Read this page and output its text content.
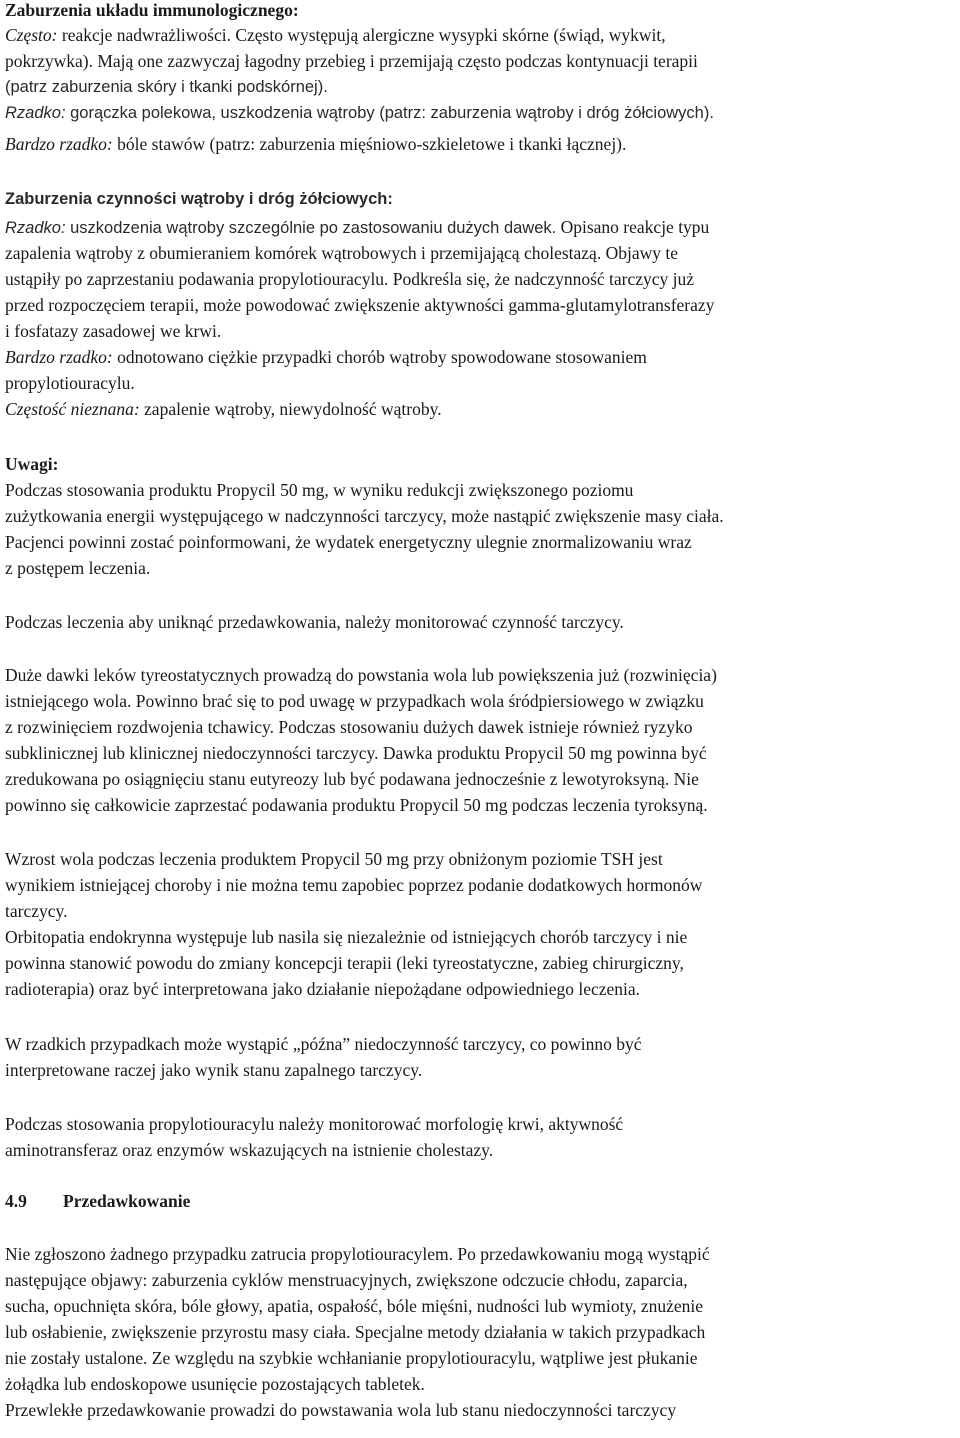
Zaburzenia układu immunologicznego:
Często: reakcje nadwrażliwości. Często występują alergiczne wysypki skórne (świąd, wykwit,
pokrzywka). Mają one zazwyczaj łagodny przebieg i przemijają często podczas kontynuacji terapii
(patrz zaburzenia skóry i tkanki podskórnej).
Rzadko: gorączka polekowa, uszkodzenia wątroby (patrz: zaburzenia wątroby i dróg żółciowych).
Bardzo rzadko: bóle stawów (patrz: zaburzenia mięśniowo-szkieletowe i tkanki łącznej).
Zaburzenia czynności wątroby i dróg żółciowych:
Rzadko: uszkodzenia wątroby szczególnie po zastosowaniu dużych dawek. Opisano reakcje typu
zapalenia wątroby z obumieraniem komórek wątrobowych i przemijającą cholestazą. Objawy te
ustąpiły po zaprzestaniu podawania propylotiouracylu. Podkreśla się, że nadczynność tarczycy już
przed rozpoczęciem terapii, może powodować zwiększenie aktywności gamma-glutamylotransferazy
i fosfatazy zasadowej we krwi.
Bardzo rzadko: odnotowano ciężkie przypadki chorób wątroby spowodowane stosowaniem
propylotiouracylu.
Częstość nieznana: zapalenie wątroby, niewydolność wątroby.
Uwagi:
Podczas stosowania produktu Propycil 50 mg, w wyniku redukcji zwiększonego poziomu
zużytkowania energii występującego w nadczynności tarczycy, może nastąpić zwiększenie masy ciała.
Pacjenci powinni zostać poinformowani, że wydatek energetyczny ulegnie znormalizowaniu wraz
z postępem leczenia.
Podczas leczenia aby uniknąć przedawkowania, należy monitorować czynność tarczycy.
Duże dawki leków tyreostatycznych prowadzą do powstania wola lub powiększenia już (rozwinięcia)
istniejącego wola. Powinno brać się to pod uwagę w przypadkach wola śródpiersiowego w związku
z rozwinięciem rozdwojenia tchawicy. Podczas stosowaniu dużych dawek istnieje również ryzyko
subklinicznej lub klinicznej niedoczynności tarczycy. Dawka produktu Propycil 50 mg powinna być
zredukowana po osiągnięciu stanu eutyreozy lub być podawana jednocześnie z lewotyroksyną. Nie
powinno się całkowicie zaprzestać podawania produktu Propycil 50 mg podczas leczenia tyroksyną.
Wzrost wola podczas leczenia produktem Propycil 50 mg przy obniżonym poziomie TSH jest
wynikiem istniejącej choroby i nie można temu zapobiec poprzez podanie dodatkowych hormonów
tarczycy.
Orbitopatia endokrynna występuje lub nasila się niezależnie od istniejących chorób tarczycy i nie
powinna stanowić powodu do zmiany koncepcji terapii (leki tyreostatyczne, zabieg chirurgiczny,
radioterapia) oraz być interpretowana jako działanie niepożądane odpowiedniego leczenia.
W rzadkich przypadkach może wystąpić „późna” niedoczynność tarczycy, co powinno być
interpretowane raczej jako wynik stanu zapalnego tarczycy.
Podczas stosowania propylotiouracylu należy monitorować morfologię krwi, aktywność
aminotransferaz oraz enzymów wskazujących na istnienie cholestazy.
4.9 Przedawkowanie
Nie zgłoszono żadnego przypadku zatrucia propylotiouracylem. Po przedawkowaniu mogą wystąpić
następujące objawy: zaburzenia cyklów menstruacyjnych, zwiększone odczucie chłodu, zaparcia,
sucha, opuchnięta skóra, bóle głowy, apatia, ospałość, bóle mięśni, nudności lub wymioty, znużenie
lub osłabienie, zwiększenie przyrostu masy ciała. Specjalne metody działania w takich przypadkach
nie zostały ustalone. Ze względu na szybkie wchłanianie propylotiouracylu, wątpliwe jest płukanie
żołądka lub endoskopowe usunięcie pozostających tabletek.
Przewlekłe przedawkowanie prowadzi do powstawania wola lub stanu niedoczynności tarczycy
